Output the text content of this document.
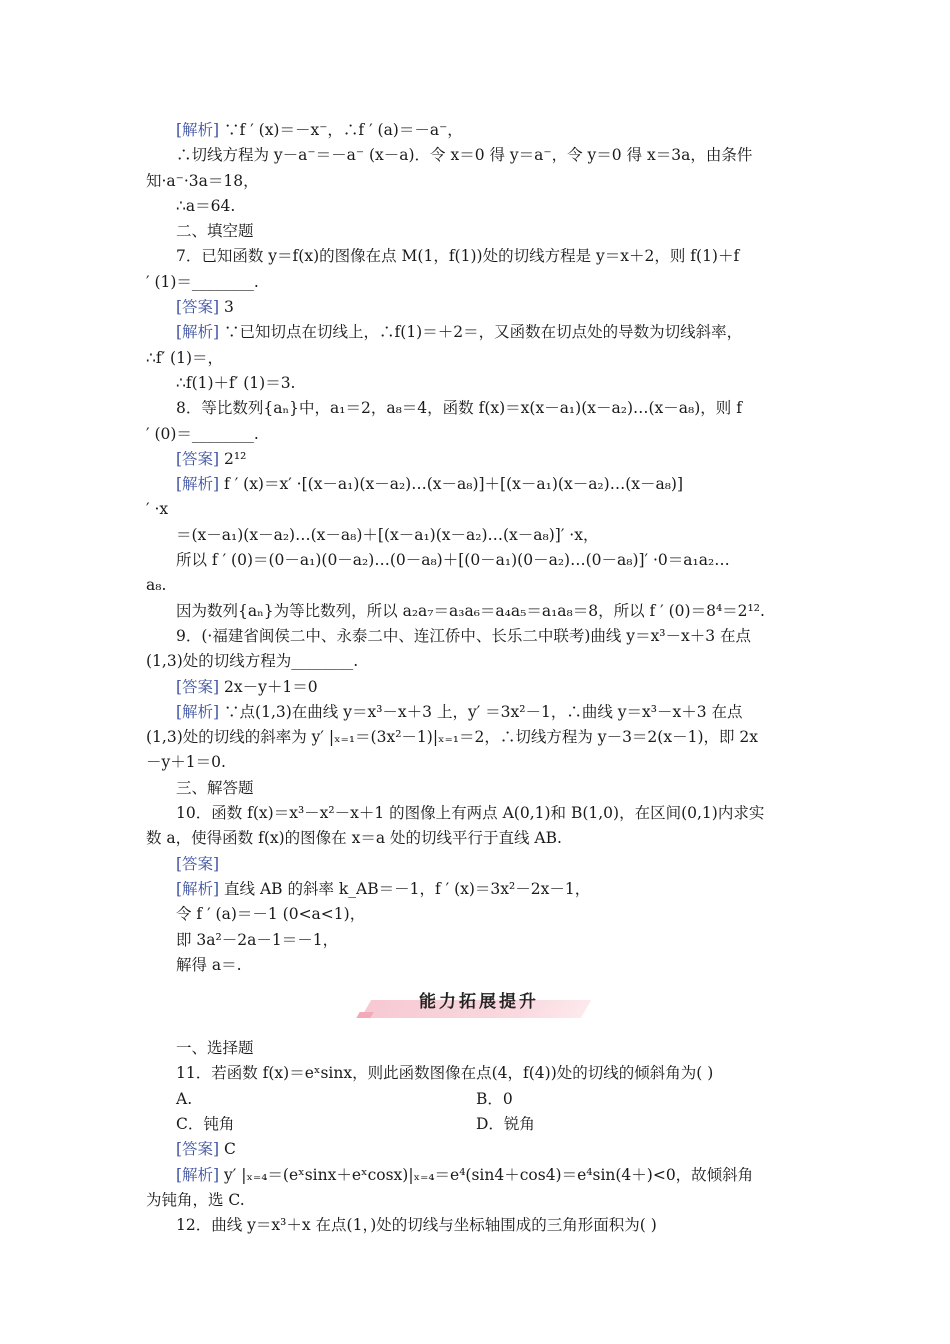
[解析] ∵f ′ (x)＝－x⁻，∴f ′ (a)＝－a⁻，
∴切线方程为 y－a⁻＝－a⁻ (x－a)．令 x＝0 得 y＝a⁻，令 y＝0 得 x＝3a，由条件
知·a⁻·3a＝18，
∴a＝64.
二、填空题
7．已知函数 y＝f(x)的图像在点 M(1，f(1))处的切线方程是 y＝x＋2，则 f(1)＋f
′ (1)＝________.
[答案] 3
[解析] ∵已知切点在切线上，∴f(1)＝＋2＝，又函数在切点处的导数为切线斜率，
∴f′ (1)＝，
∴f(1)＋f′ (1)＝3.
8．等比数列{aₙ}中，a₁＝2，a₈＝4，函数 f(x)＝x(x－a₁)(x－a₂)…(x－a₈)，则 f
′ (0)＝________.
[答案] 2¹²
[解析] f ′ (x)＝x′ ·[(x－a₁)(x－a₂)…(x－a₈)]＋[(x－a₁)(x－a₂)…(x－a₈)]
′ ·x
＝(x－a₁)(x－a₂)…(x－a₈)＋[(x－a₁)(x－a₂)…(x－a₈)]′ ·x，
所以 f ′ (0)＝(0－a₁)(0－a₂)…(0－a₈)＋[(0－a₁)(0－a₂)…(0－a₈)]′ ·0＝a₁a₂…
a₈.
因为数列{aₙ}为等比数列，所以 a₂a₇＝a₃a₆＝a₄a₅＝a₁a₈＝8，所以 f ′ (0)＝8⁴＝2¹².
9．(·福建省闽侯二中、永泰二中、连江侨中、长乐二中联考)曲线 y＝x³－x＋3 在点
(1,3)处的切线方程为________.
[答案] 2x－y＋1＝0
[解析] ∵点(1,3)在曲线 y＝x³－x＋3 上，y′ ＝3x²－1，∴曲线 y＝x³－x＋3 在点
(1,3)处的切线的斜率为 y′ |ₓ₌₁＝(3x²－1)|ₓ₌₁＝2，∴切线方程为 y－3＝2(x－1)，即 2x
－y＋1＝0.
三、解答题
10．函数 f(x)＝x³－x²－x＋1 的图像上有两点 A(0,1)和 B(1,0)，在区间(0,1)内求实
数 a，使得函数 f(x)的图像在 x＝a 处的切线平行于直线 AB.
[答案]
[解析] 直线 AB 的斜率 k_AB＝－1，f ′ (x)＝3x²－2x－1，
令 f ′ (a)＝－1 (0<a<1)，
即 3a²－2a－1＝－1，
解得 a＝.
能力拓展提升
一、选择题
11．若函数 f(x)＝eˣsinx，则此函数图像在点(4，f(4))处的切线的倾斜角为( )
A.	B．0
C．钝角	D．锐角
[答案] C
[解析] y′ |ₓ₌₄＝(eˣsinx＋eˣcosx)|ₓ₌₄＝e⁴(sin4＋cos4)＝e⁴sin(4＋)<0，故倾斜角
为钝角，选 C.
12．曲线 y＝x³＋x 在点(1，)处的切线与坐标轴围成的三角形面积为( )
